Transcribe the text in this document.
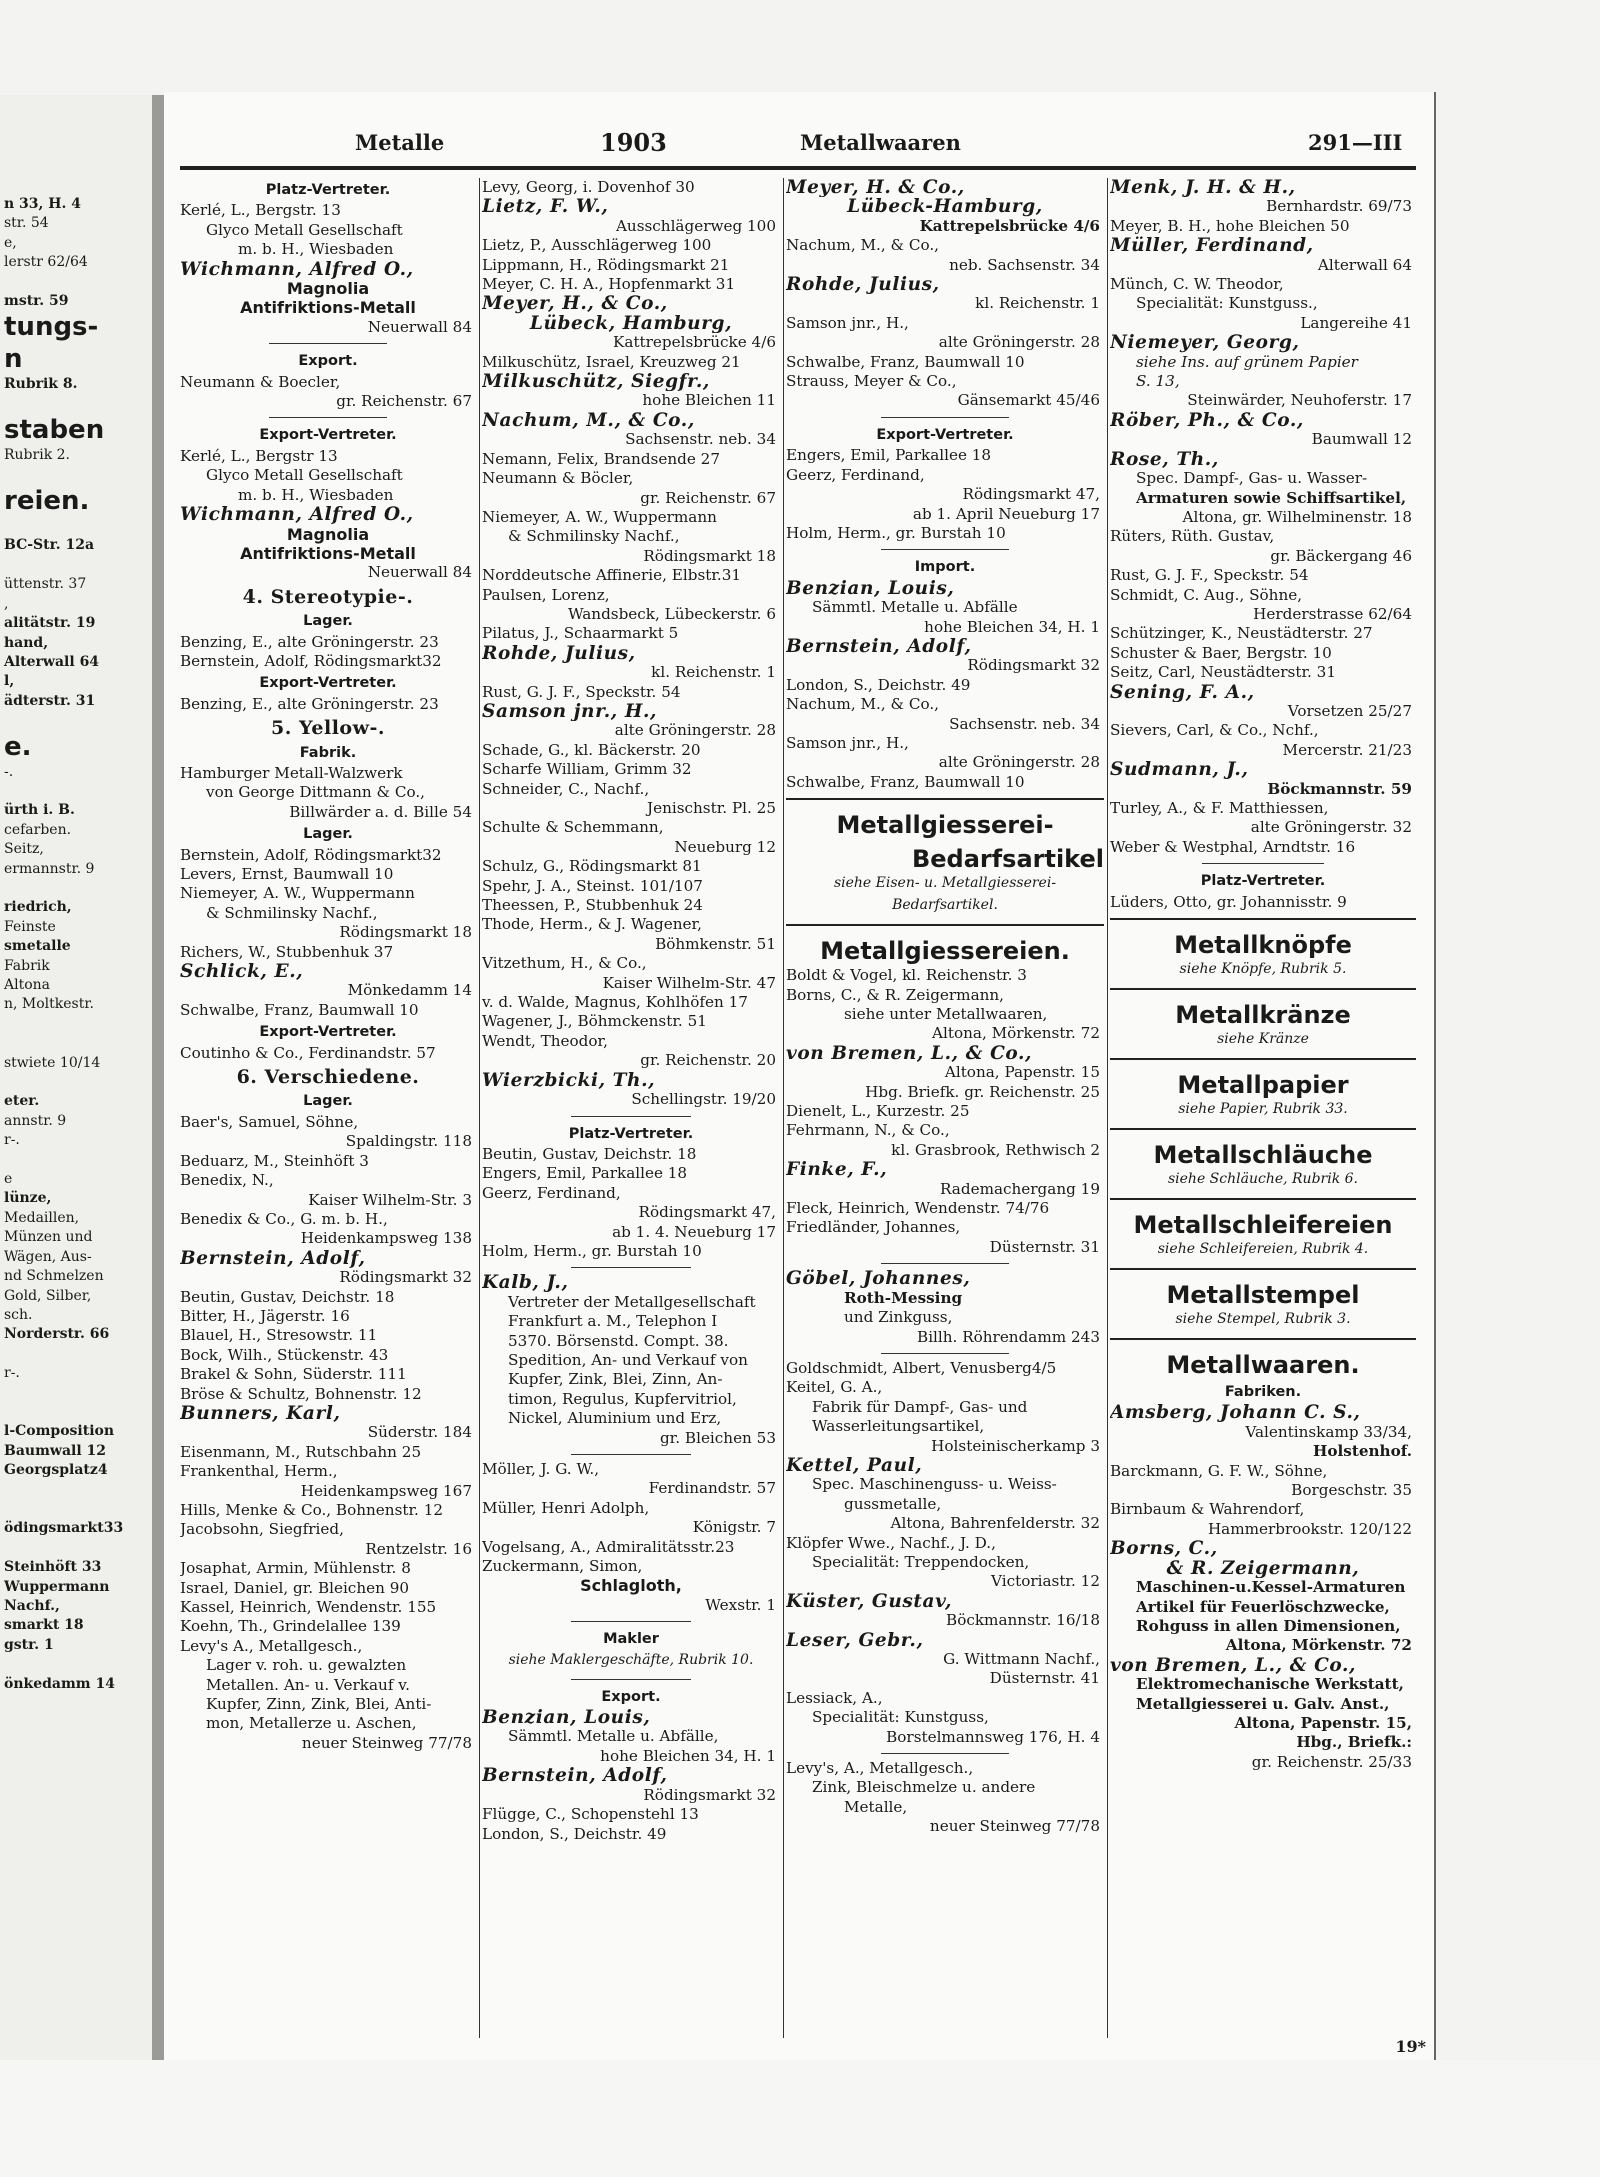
n 33, H. 4
str. 54
e,
lerstr 62/64

mstr. 59
tungs-
n
Rubrik 8.

staben
Rubrik 2.

reien.

BC-Str. 12a

üttenstr. 37
,
alitätstr. 19
hand,
Alterwall 64
l,
ädterstr. 31

e.
-.

ürth i. B.
cefarben.
Seitz,
ermannstr. 9

riedrich,
Feinste
smetalle
Fabrik
Altona
n, Moltkestr.

stwiete 10/14

eter.
annstr. 9
r-.

e
lünze,
Medaillen,
Münzen und
Wägen, Aus-
nd Schmelzen
Gold, Silber,
sch.
Norderstr. 66

r-.

l-Composition
Baumwall 12
Georgsplatz4

ödingsmarkt33

Steinhöft 33
Wuppermann
Nachf.,
smarkt 18
gstr. 1

önkedamm 14
Metalle	1903	Metallwaaren	291—III
Platz-Vertreter.
Kerlé, L., Bergstr. 13
Glyco Metall Gesellschaft
m. b. H., Wiesbaden
Wichmann, Alfred O.,
Magnolia
Antifriktions-Metall
Neuerwall 84
Export.
Neumann & Boecler,
gr. Reichenstr. 67
Export-Vertreter.
Kerlé, L., Bergstr 13
Glyco Metall Gesellschaft
m. b. H., Wiesbaden
Wichmann, Alfred O.,
Magnolia
Antifriktions-Metall
Neuerwall 84
4. Stereotypie-.
Lager.
Benzing, E., alte Gröningerstr. 23
Bernstein, Adolf, Rödingsmarkt32
Export-Vertreter.
Benzing, E., alte Gröningerstr. 23
5. Yellow-.
Fabrik.
Hamburger Metall-Walzwerk
von George Dittmann & Co.,
Billwärder a. d. Bille 54
Lager.
Bernstein, Adolf, Rödingsmarkt32
Levers, Ernst, Baumwall 10
Niemeyer, A. W., Wuppermann
& Schmilinsky Nachf.,
Rödingsmarkt 18
Richers, W., Stubbenhuk 37
Schlick, E.,
Mönkedamm 14
Schwalbe, Franz, Baumwall 10
Export-Vertreter.
Coutinho & Co., Ferdinandstr. 57
6. Verschiedene.
Lager.
Baer's, Samuel, Söhne,
Spaldingstr. 118
Beduarz, M., Steinhöft 3
Benedix, N.,
Kaiser Wilhelm-Str. 3
Benedix & Co., G. m. b. H.,
Heidenkampsweg 138
Bernstein, Adolf,
Rödingsmarkt 32
Beutin, Gustav, Deichstr. 18
Bitter, H., Jägerstr. 16
Blauel, H., Stresowstr. 11
Bock, Wilh., Stückenstr. 43
Brakel & Sohn, Süderstr. 111
Bröse & Schultz, Bohnenstr. 12
Bunners, Karl,
Süderstr. 184
Eisenmann, M., Rutschbahn 25
Frankenthal, Herm.,
Heidenkampsweg 167
Hills, Menke & Co., Bohnenstr. 12
Jacobsohn, Siegfried,
Rentzelstr. 16
Josaphat, Armin, Mühlenstr. 8
Israel, Daniel, gr. Bleichen 90
Kassel, Heinrich, Wendenstr. 155
Koehn, Th., Grindelallee 139
Levy's A., Metallgesch.,
Lager v. roh. u. gewalzten
Metallen. An- u. Verkauf v.
Kupfer, Zinn, Zink, Blei, Anti-
mon, Metallerze u. Aschen,
neuer Steinweg 77/78
Levy, Georg, i. Dovenhof 30
Lietz, F. W.,
Ausschlägerweg 100
Lietz, P., Ausschlägerweg 100
Lippmann, H., Rödingsmarkt 21
Meyer, C. H. A., Hopfenmarkt 31
Meyer, H., & Co.,
Lübeck, Hamburg,
Kattrepelsbrücke 4/6
Milkuschütz, Israel, Kreuzweg 21
Milkuschütz, Siegfr.,
hohe Bleichen 11
Nachum, M., & Co.,
Sachsenstr. neb. 34
Nemann, Felix, Brandsende 27
Neumann & Böcler,
gr. Reichenstr. 67
Niemeyer, A. W., Wuppermann
& Schmilinsky Nachf.,
Rödingsmarkt 18
Norddeutsche Affinerie, Elbstr.31
Paulsen, Lorenz,
Wandsbeck, Lübeckerstr. 6
Pilatus, J., Schaarmarkt 5
Rohde, Julius,
kl. Reichenstr. 1
Rust, G. J. F., Speckstr. 54
Samson jnr., H.,
alte Gröningerstr. 28
Schade, G., kl. Bäckerstr. 20
Scharfe William, Grimm 32
Schneider, C., Nachf.,
Jenischstr. Pl. 25
Schulte & Schemmann,
Neueburg 12
Schulz, G., Rödingsmarkt 81
Spehr, J. A., Steinst. 101/107
Theessen, P., Stubbenhuk 24
Thode, Herm., & J. Wagener,
Böhmkenstr. 51
Vitzethum, H., & Co.,
Kaiser Wilhelm-Str. 47
v. d. Walde, Magnus, Kohlhöfen 17
Wagener, J., Böhmckenstr. 51
Wendt, Theodor,
gr. Reichenstr. 20
Wierzbicki, Th.,
Schellingstr. 19/20
Platz-Vertreter.
Beutin, Gustav, Deichstr. 18
Engers, Emil, Parkallee 18
Geerz, Ferdinand,
Rödingsmarkt 47,
ab 1. 4. Neueburg 17
Holm, Herm., gr. Burstah 10
Kalb, J.,
Vertreter der Metallgesellschaft
Frankfurt a. M., Telephon I
5370. Börsenstd. Compt. 38.
Spedition, An- und Verkauf von
Kupfer, Zink, Blei, Zinn, An-
timon, Regulus, Kupfervitriol,
Nickel, Aluminium und Erz,
gr. Bleichen 53
Möller, J. G. W.,
Ferdinandstr. 57
Müller, Henri Adolph,
Königstr. 7
Vogelsang, A., Admiralitätsstr.23
Zuckermann, Simon,
Schlagloth,
Wexstr. 1
Makler
siehe Maklergeschäfte, Rubrik 10.
Export.
Benzian, Louis,
Sämmtl. Metalle u. Abfälle,
hohe Bleichen 34, H. 1
Bernstein, Adolf,
Rödingsmarkt 32
Flügge, C., Schopenstehl 13
London, S., Deichstr. 49
Meyer, H. & Co.,
Lübeck-Hamburg,
Kattrepelsbrücke 4/6
Nachum, M., & Co.,
neb. Sachsenstr. 34
Rohde, Julius,
kl. Reichenstr. 1
Samson jnr., H.,
alte Gröningerstr. 28
Schwalbe, Franz, Baumwall 10
Strauss, Meyer & Co.,
Gänsemarkt 45/46
Export-Vertreter.
Engers, Emil, Parkallee 18
Geerz, Ferdinand,
Rödingsmarkt 47,
ab 1. April Neueburg 17
Holm, Herm., gr. Burstah 10
Import.
Benzian, Louis,
Sämmtl. Metalle u. Abfälle
hohe Bleichen 34, H. 1
Bernstein, Adolf,
Rödingsmarkt 32
London, S., Deichstr. 49
Nachum, M., & Co.,
Sachsenstr. neb. 34
Samson jnr., H.,
alte Gröningerstr. 28
Schwalbe, Franz, Baumwall 10
Metallgiesserei-
Bedarfsartikel
siehe Eisen- u. Metallgiesserei-
Bedarfsartikel.
Metallgiessereien.
Boldt & Vogel, kl. Reichenstr. 3
Borns, C., & R. Zeigermann,
siehe unter Metallwaaren,
Altona, Mörkenstr. 72
von Bremen, L., & Co.,
Altona, Papenstr. 15
Hbg. Briefk. gr. Reichenstr. 25
Dienelt, L., Kurzestr. 25
Fehrmann, N., & Co.,
kl. Grasbrook, Rethwisch 2
Finke, F.,
Rademachergang 19
Fleck, Heinrich, Wendenstr. 74/76
Friedländer, Johannes,
Düsternstr. 31
Göbel, Johannes,
Roth-Messing
und Zinkguss,
Billh. Röhrendamm 243
Goldschmidt, Albert, Venusberg4/5
Keitel, G. A.,
Fabrik für Dampf-, Gas- und
Wasserleitungsartikel,
Holsteinischerkamp 3
Kettel, Paul,
Spec. Maschinenguss- u. Weiss-
gussmetalle,
Altona, Bahrenfelderstr. 32
Klöpfer Wwe., Nachf., J. D.,
Specialität: Treppendocken,
Victoriastr. 12
Küster, Gustav,
Böckmannstr. 16/18
Leser, Gebr.,
G. Wittmann Nachf.,
Düsternstr. 41
Lessiack, A.,
Specialität: Kunstguss,
Borstelmannsweg 176, H. 4
Levy's, A., Metallgesch.,
Zink, Bleischmelze u. andere
Metalle,
neuer Steinweg 77/78
Menk, J. H. & H.,
Bernhardstr. 69/73
Meyer, B. H., hohe Bleichen 50
Müller, Ferdinand,
Alterwall 64
Münch, C. W. Theodor,
Specialität: Kunstguss.,
Langereihe 41
Niemeyer, Georg,
siehe Ins. auf grünem Papier
S. 13,
Steinwärder, Neuhoferstr. 17
Röber, Ph., & Co.,
Baumwall 12
Rose, Th.,
Spec. Dampf-, Gas- u. Wasser-
Armaturen sowie Schiffsartikel,
Altona, gr. Wilhelminenstr. 18
Rüters, Rüth. Gustav,
gr. Bäckergang 46
Rust, G. J. F., Speckstr. 54
Schmidt, C. Aug., Söhne,
Herderstrasse 62/64
Schützinger, K., Neustädterstr. 27
Schuster & Baer, Bergstr. 10
Seitz, Carl, Neustädterstr. 31
Sening, F. A.,
Vorsetzen 25/27
Sievers, Carl, & Co., Nchf.,
Mercerstr. 21/23
Sudmann, J.,
Böckmannstr. 59
Turley, A., & F. Matthiessen,
alte Gröningerstr. 32
Weber & Westphal, Arndtstr. 16
Platz-Vertreter.
Lüders, Otto, gr. Johannisstr. 9
Metallknöpfe
siehe Knöpfe, Rubrik 5.
Metallkränze
siehe Kränze
Metallpapier
siehe Papier, Rubrik 33.
Metallschläuche
siehe Schläuche, Rubrik 6.
Metallschleifereien
siehe Schleifereien, Rubrik 4.
Metallstempel
siehe Stempel, Rubrik 3.
Metallwaaren.
Fabriken.
Amsberg, Johann C. S.,
Valentinskamp 33/34,
Holstenhof.
Barckmann, G. F. W., Söhne,
Borgeschstr. 35
Birnbaum & Wahrendorf,
Hammerbrookstr. 120/122
Borns, C.,
& R. Zeigermann,
Maschinen-u.Kessel-Armaturen
Artikel für Feuerlöschzwecke,
Rohguss in allen Dimensionen,
Altona, Mörkenstr. 72
von Bremen, L., & Co.,
Elektromechanische Werkstatt,
Metallgiesserei u. Galv. Anst.,
Altona, Papenstr. 15,
Hbg., Briefk.:
gr. Reichenstr. 25/33
19*
